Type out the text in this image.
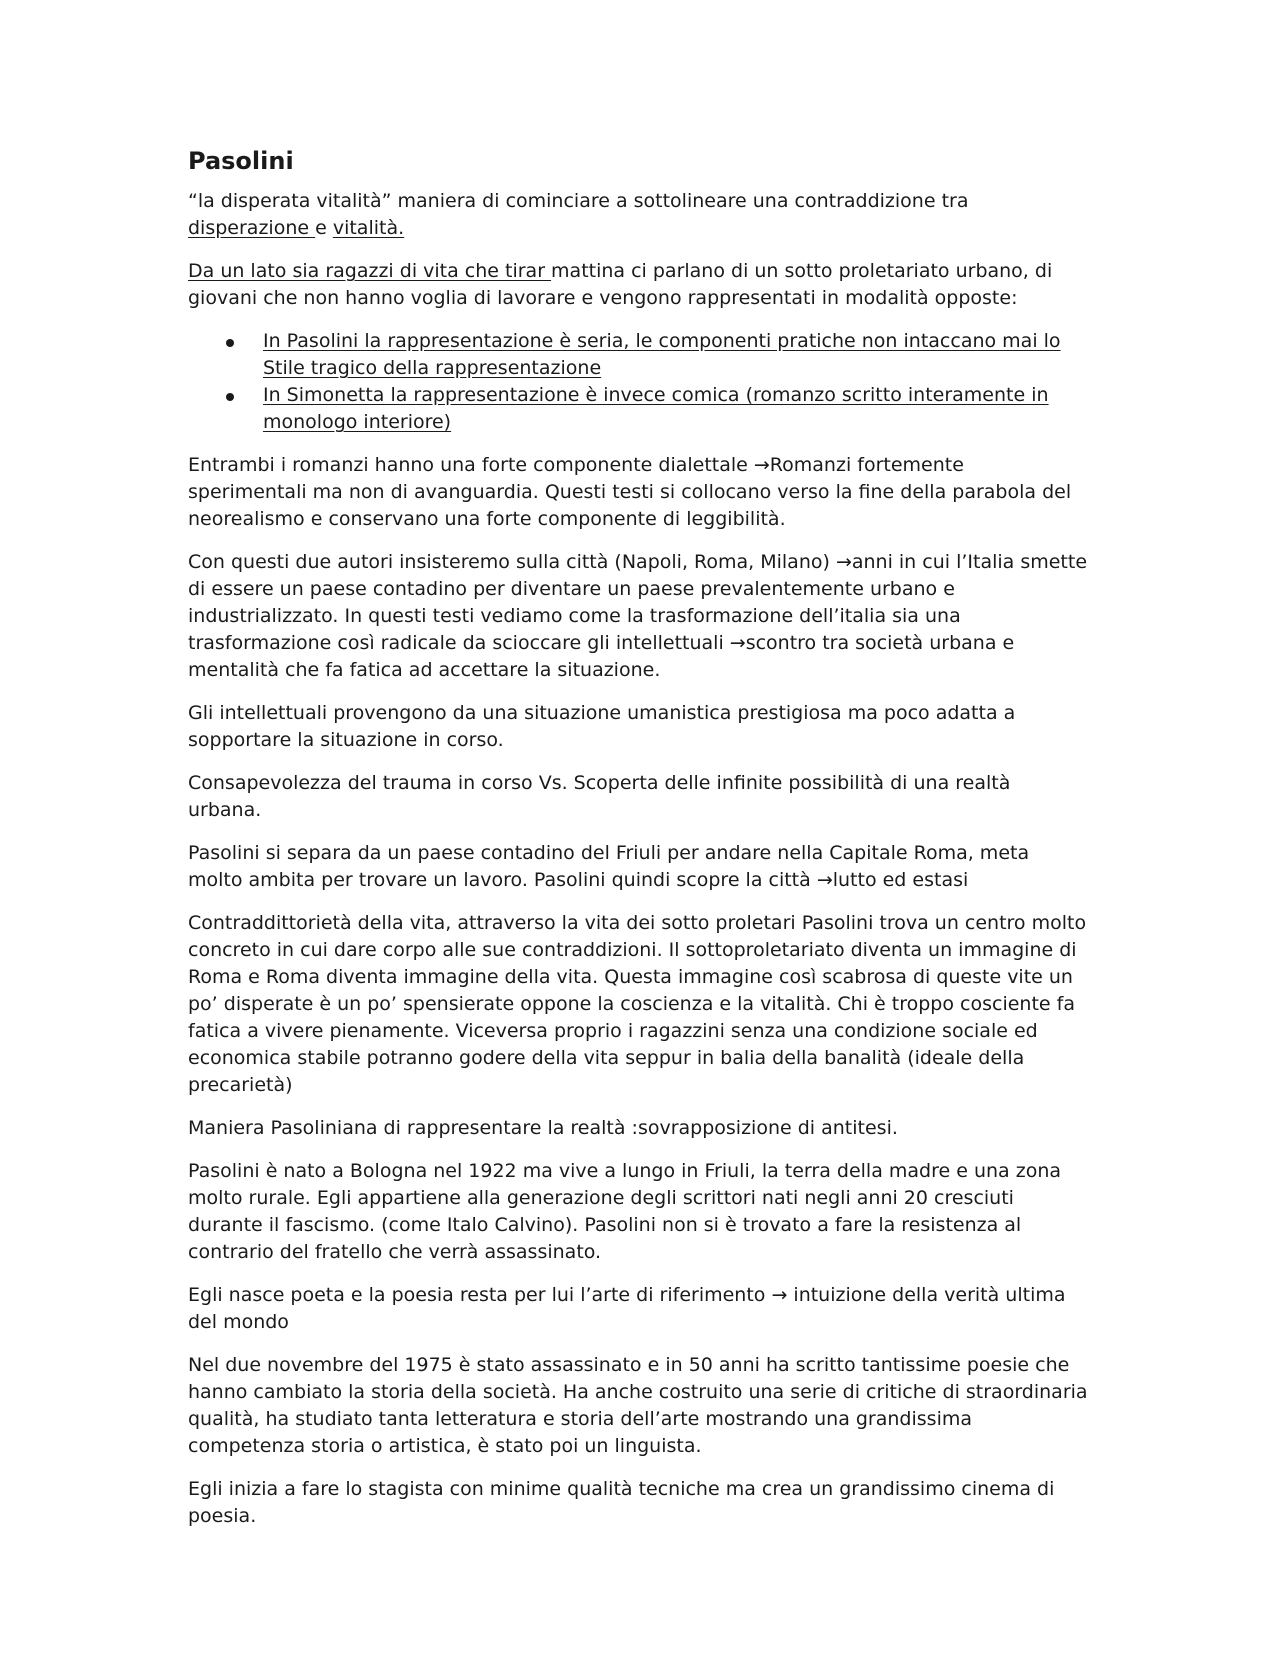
Pasolini

“la disperata vitalità” maniera di cominciare a sottolineare una contraddizione tra disperazione e vitalità.

Da un lato sia ragazzi di vita che tirar mattina ci parlano di un sotto proletariato urbano, di giovani che non hanno voglia di lavorare e vengono rappresentati in modalità opposte:

In Pasolini la rappresentazione è seria, le componenti pratiche non intaccano mai lo Stile tragico della rappresentazione
In Simonetta la rappresentazione è invece comica (romanzo scritto interamente in monologo interiore)

Entrambi i romanzi hanno una forte componente dialettale →Romanzi fortemente sperimentali ma non di avanguardia. Questi testi si collocano verso la fine della parabola del neorealismo e conservano una forte componente di leggibilità.

Con questi due autori insisteremo sulla città (Napoli, Roma, Milano) →anni in cui l’Italia smette di essere un paese contadino per diventare un paese prevalentemente urbano e industrializzato. In questi testi vediamo come la trasformazione dell’italia sia una trasformazione così radicale da scioccare gli intellettuali →scontro tra società urbana e mentalità che fa fatica ad accettare la situazione.

Gli intellettuali provengono da una situazione umanistica prestigiosa ma poco adatta a sopportare la situazione in corso.

Consapevolezza del trauma in corso Vs. Scoperta delle infinite possibilità di una realtà urbana.

Pasolini si separa da un paese contadino del Friuli per andare nella Capitale Roma, meta molto ambita per trovare un lavoro. Pasolini quindi scopre la città →lutto ed estasi

Contraddittorietà della vita, attraverso la vita dei sotto proletari Pasolini trova un centro molto concreto in cui dare corpo alle sue contraddizioni. Il sottoproletariato diventa un immagine di Roma e Roma diventa immagine della vita. Questa immagine così scabrosa di queste vite un po’ disperate è un po’ spensierate oppone la coscienza e la vitalità. Chi è troppo cosciente fa fatica a vivere pienamente. Viceversa proprio i ragazzini senza una condizione sociale ed economica stabile potranno godere della vita seppur in balia della banalità (ideale della precarietà)

Maniera Pasoliniana di rappresentare la realtà :sovrapposizione di antitesi.

Pasolini è nato a Bologna nel 1922 ma vive a lungo in Friuli, la terra della madre e una zona molto rurale. Egli appartiene alla generazione degli scrittori nati negli anni 20 cresciuti durante il fascismo. (come Italo Calvino). Pasolini non si è trovato a fare la resistenza al contrario del fratello che verrà assassinato.

Egli nasce poeta e la poesia resta per lui l’arte di riferimento → intuizione della verità ultima del mondo

Nel due novembre del 1975 è stato assassinato e in 50 anni ha scritto tantissime poesie che hanno cambiato la storia della società. Ha anche costruito una serie di critiche di straordinaria qualità, ha studiato tanta letteratura e storia dell’arte mostrando una grandissima competenza storia o artistica, è stato poi un linguista.

Egli inizia a fare lo stagista con minime qualità tecniche ma crea un grandissimo cinema di poesia.
